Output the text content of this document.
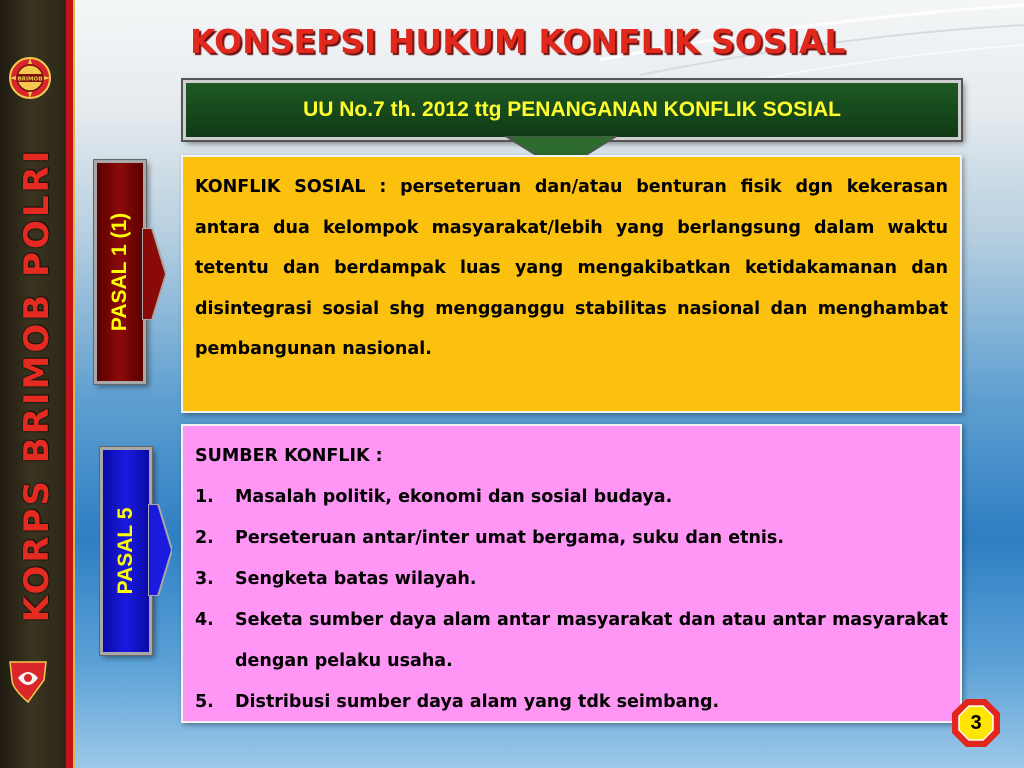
BRIMOB
KORPS BRIMOB POLRI
KONSEPSI HUKUM KONFLIK SOSIAL
UU No.7 th. 2012 ttg PENANGANAN KONFLIK SOSIAL
PASAL 1 (1)
PASAL 5

KONFLIK SOSIAL : perseteruan dan/atau benturan fisik dgn kekerasan antara dua kelompok masyarakat/lebih yang berlangsung dalam waktu tetentu dan berdampak luas yang mengakibatkan ketidakamanan dan disintegrasi sosial shg mengganggu stabilitas nasional dan menghambat pembangunan nasional.

SUMBER KONFLIK :
1.	Masalah politik, ekonomi dan sosial budaya.
2.	Perseteruan antar/inter umat bergama, suku dan etnis.
3.	Sengketa batas wilayah.
4.	Seketa sumber daya alam antar masyarakat dan atau antar masyarakat dengan pelaku usaha.
5.	Distribusi sumber daya alam yang tdk seimbang.
3
